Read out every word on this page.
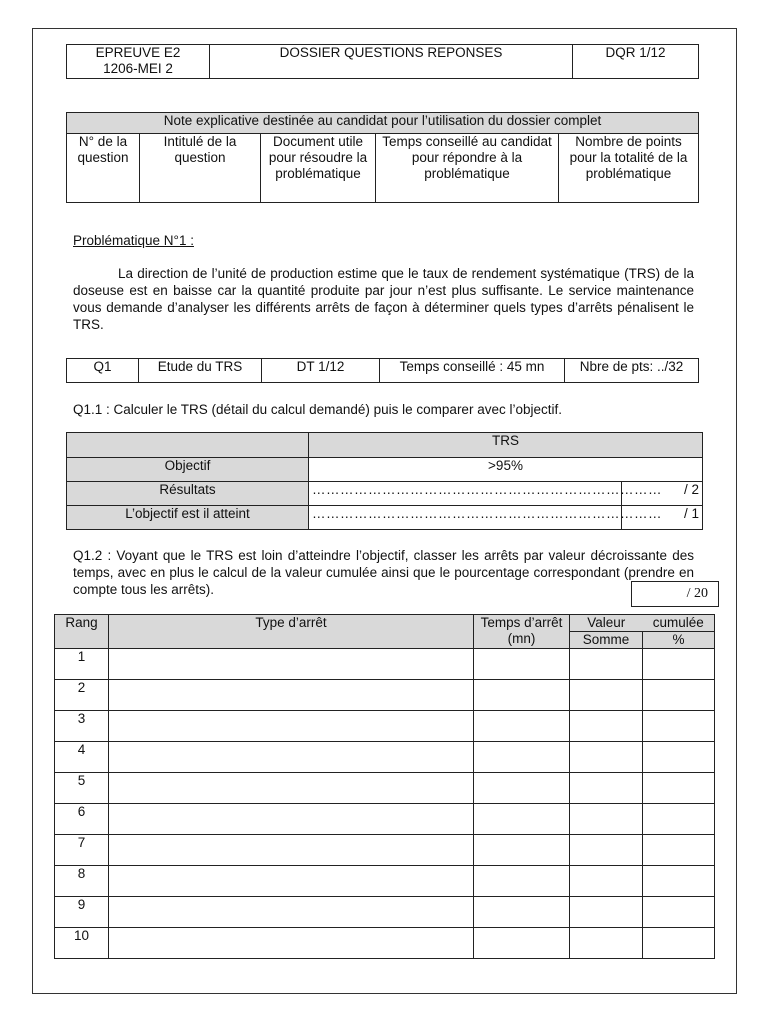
EPREUVE E2
1206-MEI 2
	DOSSIER QUESTIONS REPONSES	DQR 1/12
Note explicative destinée au candidat pour l’utilisation du dossier complet
N° de la question	Intitulé de la question	Document utile pour résoudre la problématique	Temps conseillé au candidat pour répondre à la problématique	Nombre de points pour la totalité de la problématique
Problématique N°1 :
La direction de l’unité de production estime que le taux de rendement systématique (TRS) de la doseuse est en baisse car la quantité produite par jour n’est plus suffisante. Le service maintenance vous demande d’analyser les différents arrêts de façon à déterminer quels types d’arrêts pénalisent le TRS.
Q1	Etude du TRS	DT 1/12	Temps conseillé : 45 mn	Nbre de pts: ../32
Q1.1 : Calculer le TRS (détail du calcul demandé) puis le comparer avec l’objectif.
	TRS	
Objectif	>95%	
Résultats	…………………………………………………………………	/ 2
L’objectif est il atteint	…………………………………………………………………	/ 1
Q1.2 : Voyant que le TRS est loin d’atteindre l’objectif, classer les arrêts par valeur décroissante des temps, avec en plus le calcul de la valeur cumulée ainsi que le pourcentage correspondant (prendre en compte tous les arrêts).	/ 20
Rang	Type d’arrêt	Temps d’arrêt (mn)	Valeur	cumulée
			Somme	%
1				
2				
3				
4				
5				
6				
7				
8				
9				
10				
